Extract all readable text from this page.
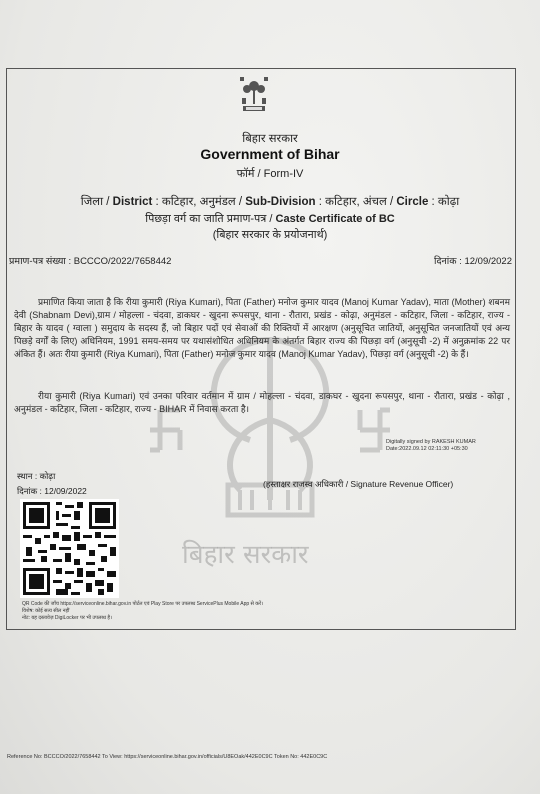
बिहार सरकार
Government of Bihar
फॉर्म / Form-IV
जिला / District : कटिहार, अनुमंडल / Sub-Division : कटिहार, अंचल / Circle : कोढ़ा
पिछड़ा वर्ग का जाति प्रमाण-पत्र / Caste Certificate of BC
(बिहार सरकार के प्रयोजनार्थ)
प्रमाण-पत्र संख्या : BCCCO/2022/7658442	दिनांक : 12/09/2022
बिहार सरकार
प्रमाणित किया जाता है कि रीया कुमारी (Riya Kumari), पिता (Father) मनोज कुमार यादव (Manoj Kumar Yadav), माता (Mother) शबनम देवी (Shabnam Devi),ग्राम / मोहल्ला - चंदवा, डाकघर - खुदना रूपसपुर, थाना - रौतारा, प्रखंड - कोढ़ा, अनुमंडल - कटिहार, जिला - कटिहार, राज्य - बिहार के यादव ( ग्वाला ) समुदाय के सदस्य हैं, जो बिहार पदों एवं सेवाओं की रिक्तियों में आरक्षण (अनुसूचित जातियों, अनुसूचित जनजातियों एवं अन्य पिछड़े वर्गों के लिए) अधिनियम, 1991 समय-समय पर यथासंशोधित अधिनियम के अंतर्गत बिहार राज्य की पिछड़ा वर्ग (अनुसूची -2) में अनुक्रमांक 22 पर अंकित हैं। अतः रीया कुमारी (Riya Kumari), पिता (Father) मनोज कुमार यादव (Manoj Kumar Yadav), पिछड़ा वर्ग (अनुसूची -2) के हैं।
रीया कुमारी (Riya Kumari) एवं उनका परिवार वर्तमान में ग्राम / मोहल्ला - चंदवा, डाकघर - खुदना रूपसपुर, थाना - रौतारा, प्रखंड - कोढ़ा , अनुमंडल - कटिहार, जिला - कटिहार, राज्य - BIHAR में निवास करता है।
Digitally signed by RAKESH KUMAR
Date:2022.09.12 02:11:30 +05:30
स्थान : कोढ़ा
दिनांक : 12/09/2022
(हस्ताक्षर राजस्व अधिकारी / Signature Revenue Officer)
QR Code की जाँच https://serviceonline.bihar.gov.in पोर्टल एवं Play Store पर उपलब्ध ServicePlus Mobile App से करें।
विशेष: कोई सत्य सील नहीं
नोट: यह दस्तावेज़ DigiLocker पर भी उपलब्ध है।
Reference No: BCCCO/2022/7658442 To View: https://serviceonline.bihar.gov.in/officials/U8EOak/442E0C9C Token No: 442E0C9C
